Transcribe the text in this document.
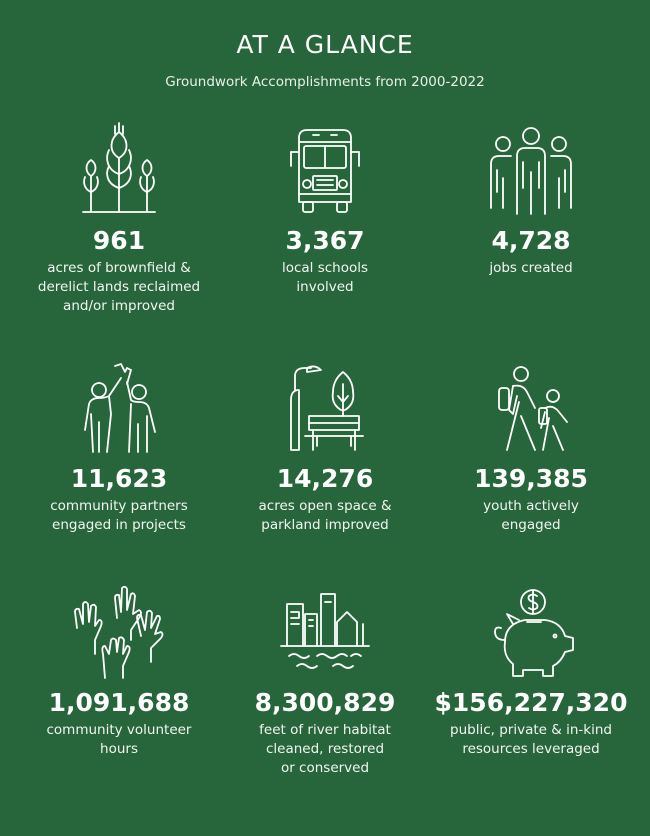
AT A GLANCE
Groundwork Accomplishments from 2000-2022
961
acres of brownfield &
derelict lands reclaimed
and/or improved
3,367
local schools
involved
4,728
jobs created
11,623
community partners
engaged in projects
14,276
acres open space &
parkland improved
139,385
youth actively
engaged
1,091,688
community volunteer
hours
8,300,829
feet of river habitat
cleaned, restored
or conserved
$156,227,320
public, private & in-kind
resources leveraged
